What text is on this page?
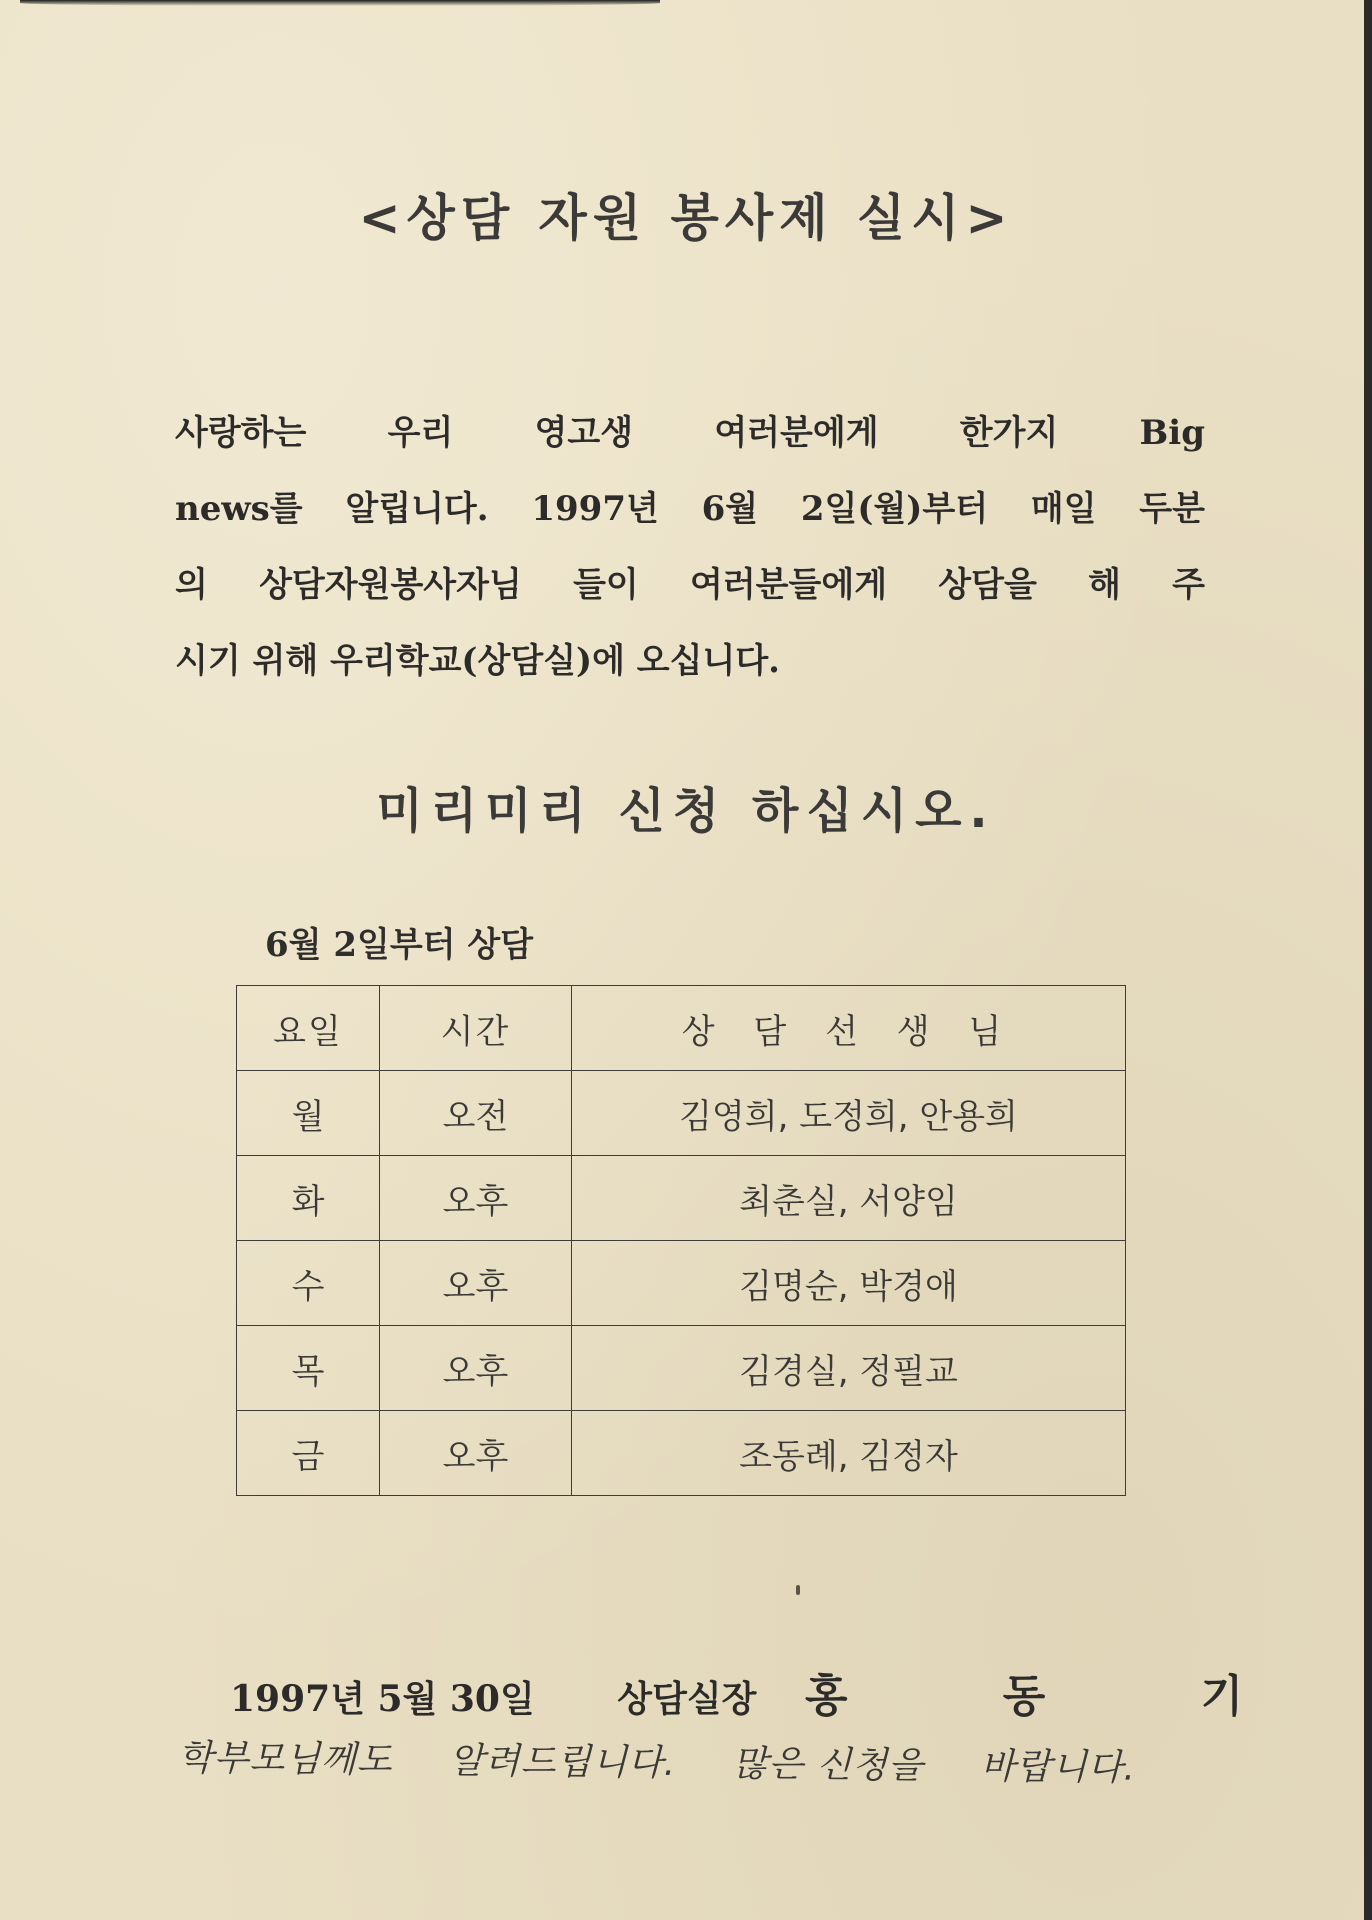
<상담 자원 봉사제 실시>
사랑하는 우리 영고생 여러분에게 한가지 Big
news를 알립니다. 1997년 6월 2일(월)부터 매일 두분
의 상담자원봉사자님 들이 여러분들에게 상담을 해 주
시기 위해 우리학교(상담실)에 오십니다.
미리미리 신청 하십시오.
6월 2일부터 상담
요일	시간	상 담 선 생 님
월	오전	김영희, 도정희, 안용희
화	오후	최춘실, 서양임
수	오후	김명순, 박경애
목	오후	김경실, 정필교
금	오후	조동례, 김정자
1997년 5월 30일 상담실장 홍 동 기
학부모님께도 알려드립니다. 많은 신청을 바랍니다.
